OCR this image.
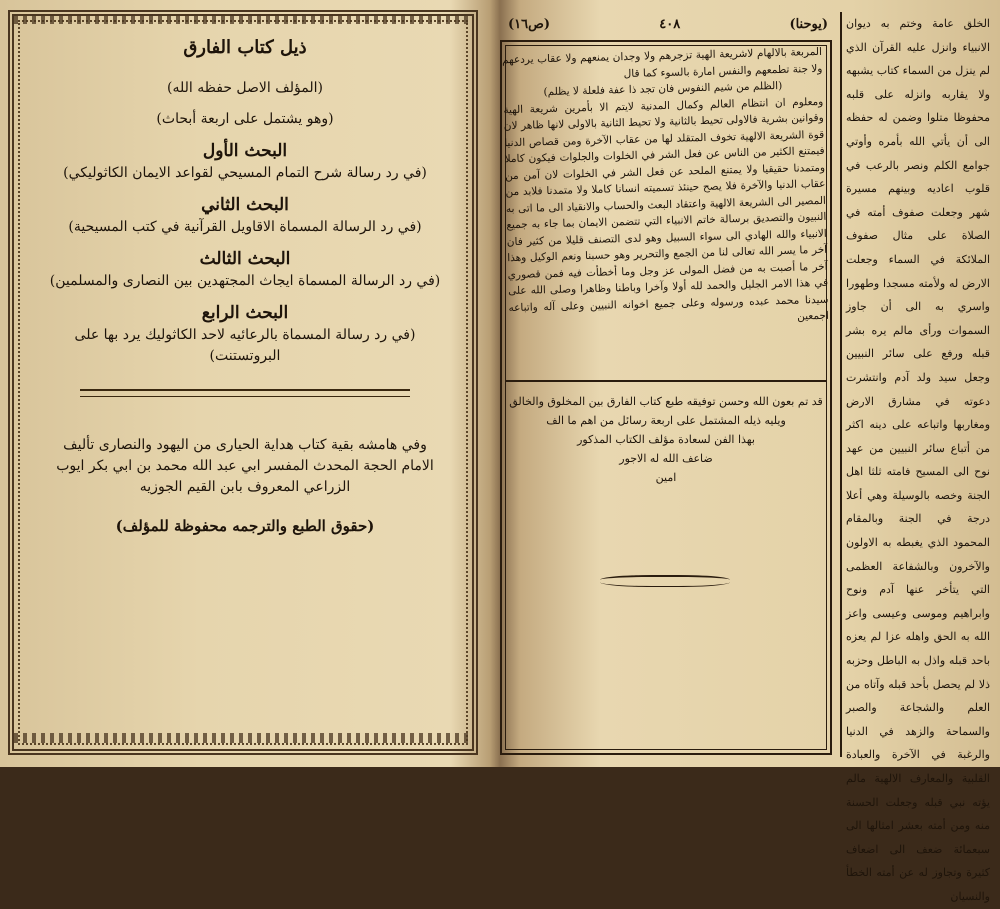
ذيل كتاب الفارق
(المؤلف الاصل حفظه الله)
(وهو يشتمل على اربعة أبحاث)
البحث الأول
(في رد رسالة شرح التمام المسيحي لقواعد الايمان الكاثوليكي)
البحث الثاني
(في رد الرسالة المسماة الاقاويل القرآنية في كتب المسيحية)
البحث الثالث
(في رد الرسالة المسماة ايجاث المجتهدين بين النصارى والمسلمين)
البحث الرابع
(في رد رسالة المسماة بالرعائيه لاحد الكاثوليك يرد بها على البروتستنت)
وفي هامشه بقية كتاب هداية الحيارى من اليهود والنصارى تأليف
الامام الحجة المحدث المفسر ابي عبد الله محمد بن ابي بكر ايوب
الزراعي المعروف بابن القيم الجوزيه
(حقوق الطبع والترجمه محفوظة للمؤلف)
(يوحنا)
٤٠٨
(ص١٦)

المربعة بالالهام لاشريعة الهية تزجرهم ولا وجدان يمنعهم ولا عقاب يردعهم ولا جنة تطمعهم والنفس امارة بالسوء كما قال

(الظلم من شيم النفوس فان تجد ذا عفة فلعلة لا يظلم)

ومعلوم ان انتظام العالم وكمال المدنية لايتم الا بأمرين شريعة الهية وقوانين بشرية فالاولى تحيط بالثانية ولا تحيط الثانية بالاولى لانها ظاهر لان قوة الشريعة الالهية تخوف المتقلد لها من عقاب الآخرة ومن قصاص الدنيا فيمتنع الكثير من الناس عن فعل الشر في الخلوات والجلوات فيكون كاملا ومتمدنا حقيقيا ولا يمتنع الملحد عن فعل الشر في الخلوات لان آمن من عقاب الدنيا والآخرة فلا يصح حينئذ تسميته انسانا كاملا ولا متمدنا فلابد من المصير الى الشريعة الالهية واعتقاد البعث والحساب والانقياد الى ما اتى به النبيون والتصديق برسالة خاتم الانبياء التي تتضمن الايمان بما جاء به جميع الانبياء والله الهادي الى سواء السبيل وهو لدى التصنف قليلا من كثير فان آخر ما يسر الله تعالى لنا من الجمع والتحرير وهو حسبنا ونعم الوكيل وهذا آخر ما أصبت به من فضل المولى عز وجل وما أخطأت فيه فمن قصوري في هذا الامر الجليل والحمد لله أولا وآخرا وباطنا وظاهرا وصلى الله على سيدنا محمد عبده ورسوله وعلى جميع اخوانه النبيين وعلى آله واتباعه اجمعين

قد تم بعون الله وحسن توفيقه طبع كتاب الفارق بين المخلوق والخالق
ويليه ذيله المشتمل على اربعة رسائل من اهم ما الف
بهذا الفن لسعادة مؤلف الكتاب المذكور
ضاعف الله له الاجور
امين

الخلق عامة وختم به ديوان الانبياء وانزل عليه القرآن الذي لم ينزل من السماء كتاب يشبهه ولا يقاربه وانزله على قلبه محفوظا متلوا وضمن له حفظه الى أن يأتي الله بأمره وأوتي جوامع الكلم ونصر بالرعب في قلوب اعاديه وبينهم مسيرة شهر وجعلت صفوف أمته في الصلاة على مثال صفوف الملائكة في السماء وجعلت الارض له ولأمته مسجدا وطهورا واسري به الى أن جاوز السموات ورأى مالم يره بشر قبله ورفع على سائر النبيين وجعل سيد ولد آدم وانتشرت دعوته في مشارق الارض ومغاربها واتباعه على دينه اكثر من أتباع سائر النبيين من عهد نوح الى المسيح فامته ثلثا اهل الجنة وخصه بالوسيلة وهي أعلا درجة في الجنة وبالمقام المحمود الذي يغبطه به الاولون والآخرون وبالشفاعة العظمى التي يتأخر عنها آدم ونوح وابراهيم وموسى وعيسى واعز الله به الحق واهله عزا لم يعزه باحد قبله واذل به الباطل وحزبه ذلا لم يحصل بأحد قبله وآتاه من العلم والشجاعة والصبر والسماحة والزهد في الدنيا والرغبة في الآخرة والعبادة القلبية والمعارف الالهية مالم يؤته نبي قبله وجعلت الحسنة منه ومن أمته بعشر امثالها الى سبعمائة ضعف الى اضعاف كثيرة وتجاوز له عن أمته الخطأ والنسيان
